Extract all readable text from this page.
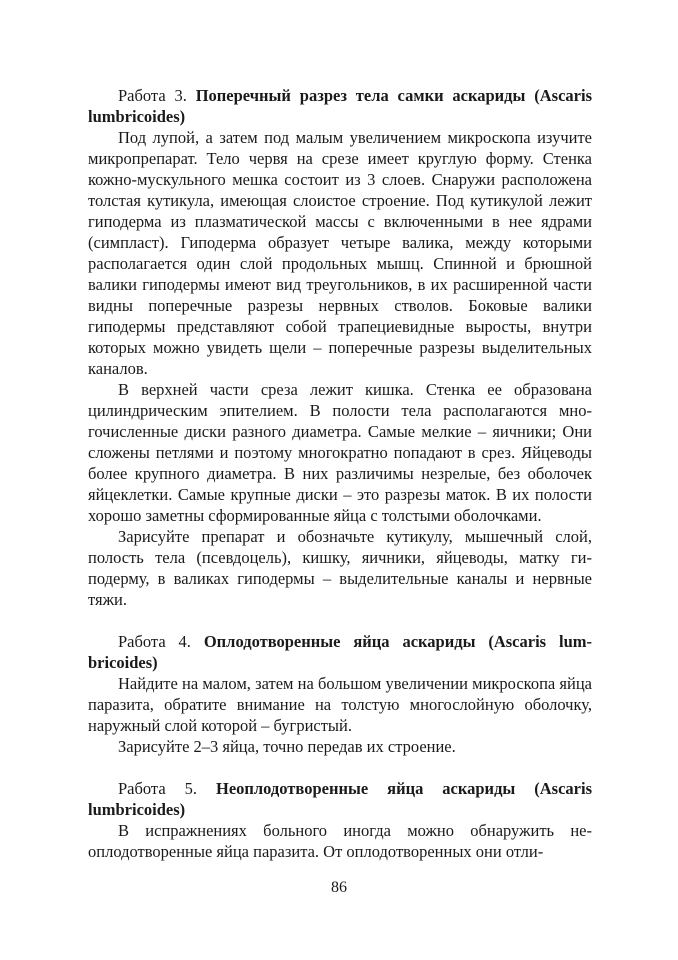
Работа 3. Поперечный разрез тела самки аскариды (Ascaris lumbricoides)

Под лупой, а затем под малым увеличением микроскопа изучите микропрепарат. Тело червя на срезе имеет круглую форму. Стенка кожно-мускульного мешка состоит из 3 слоев. Снаружи расположена толстая кутикула, имеющая слоистое строение. Под кутикулой лежит гиподерма из плазматической массы с включенными в нее ядрами (симпласт). Гиподерма образует четыре валика, между которыми располагается один слой продольных мышц. Спинной и брюшной валики гиподермы имеют вид треугольников, в их расширенной части видны поперечные разрезы нервных стволов. Боковые валики гиподермы представляют собой трапециевидные выросты, внутри которых можно увидеть щели – поперечные разрезы выделительных каналов.

В верхней части среза лежит кишка. Стенка ее образована цилиндрическим эпителием. В полости тела располагаются многочисленные диски разного диаметра. Самые мелкие – яичники; Они сложены петлями и поэтому многократно попадают в срез. Яйцеводы более крупного диаметра. В них различимы незрелые, без оболочек яйцеклетки. Самые крупные диски – это разрезы маток. В их полости хорошо заметны сформированные яйца с толстыми оболочками.

Зарисуйте препарат и обозначьте кутикулу, мышечный слой, полость тела (псевдоцель), кишку, яичники, яйцеводы, матку гиподерму, в валиках гиподермы – выделительные каналы и нервные тяжи.

Работа 4. Оплодотворенные яйца аскариды (Ascaris lumbricoides)

Найдите на малом, затем на большом увеличении микроскопа яйца паразита, обратите внимание на толстую многослойную оболочку, наружный слой которой – бугристый.

Зарисуйте 2–3 яйца, точно передав их строение.

Работа 5. Неоплодотворенные яйца аскариды (Ascaris lumbricoides)

В испражнениях больного иногда можно обнаружить неоплодотворенные яйца паразита. От оплодотворенных они отли-

86
